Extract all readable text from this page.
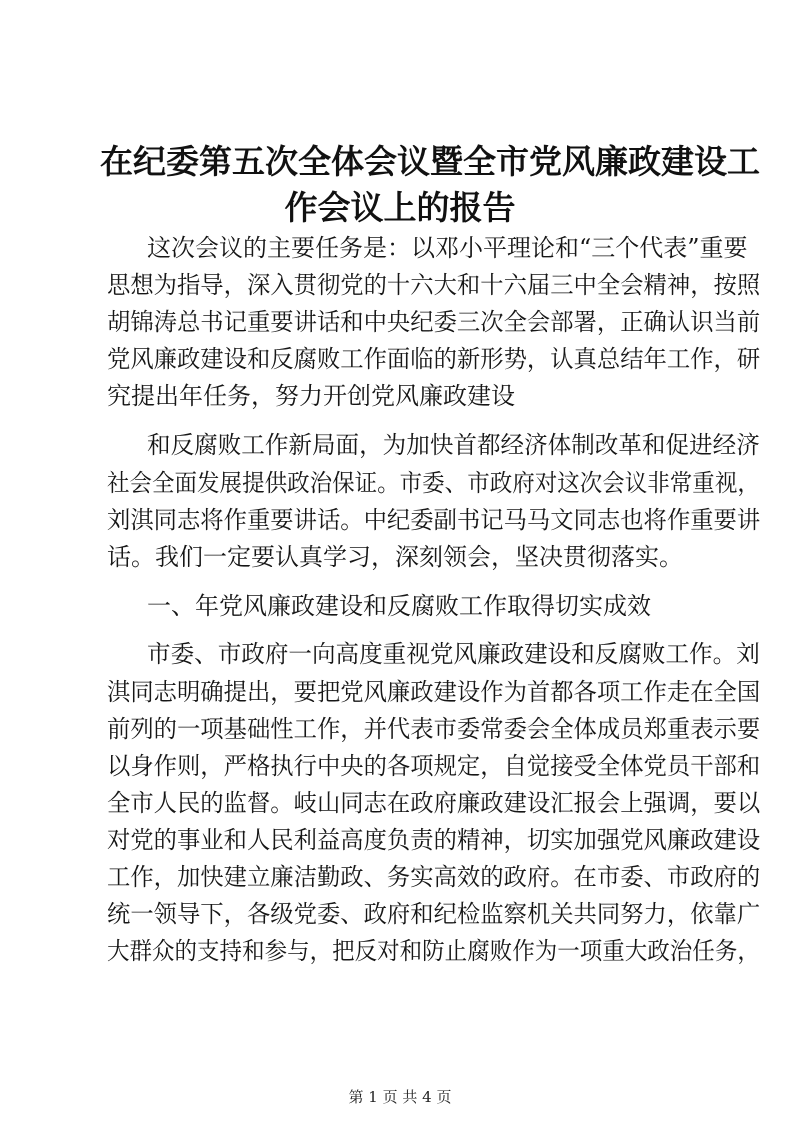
在纪委第五次全体会议暨全市党风廉政建设工
作会议上的报告
这次会议的主要任务是：以邓小平理论和“三个代表”重要
思想为指导，深入贯彻党的十六大和十六届三中全会精神，按照
胡锦涛总书记重要讲话和中央纪委三次全会部署，正确认识当前
党风廉政建设和反腐败工作面临的新形势，认真总结年工作，研
究提出年任务，努力开创党风廉政建设
和反腐败工作新局面，为加快首都经济体制改革和促进经济
社会全面发展提供政治保证。市委、市政府对这次会议非常重视，
刘淇同志将作重要讲话。中纪委副书记马马文同志也将作重要讲
话。我们一定要认真学习，深刻领会，坚决贯彻落实。
一、年党风廉政建设和反腐败工作取得切实成效
市委、市政府一向高度重视党风廉政建设和反腐败工作。刘
淇同志明确提出，要把党风廉政建设作为首都各项工作走在全国
前列的一项基础性工作，并代表市委常委会全体成员郑重表示要
以身作则，严格执行中央的各项规定，自觉接受全体党员干部和
全市人民的监督。岐山同志在政府廉政建设汇报会上强调，要以
对党的事业和人民利益高度负责的精神，切实加强党风廉政建设
工作，加快建立廉洁勤政、务实高效的政府。在市委、市政府的
统一领导下，各级党委、政府和纪检监察机关共同努力，依靠广
大群众的支持和参与，把反对和防止腐败作为一项重大政治任务，
第 1 页 共 4 页
